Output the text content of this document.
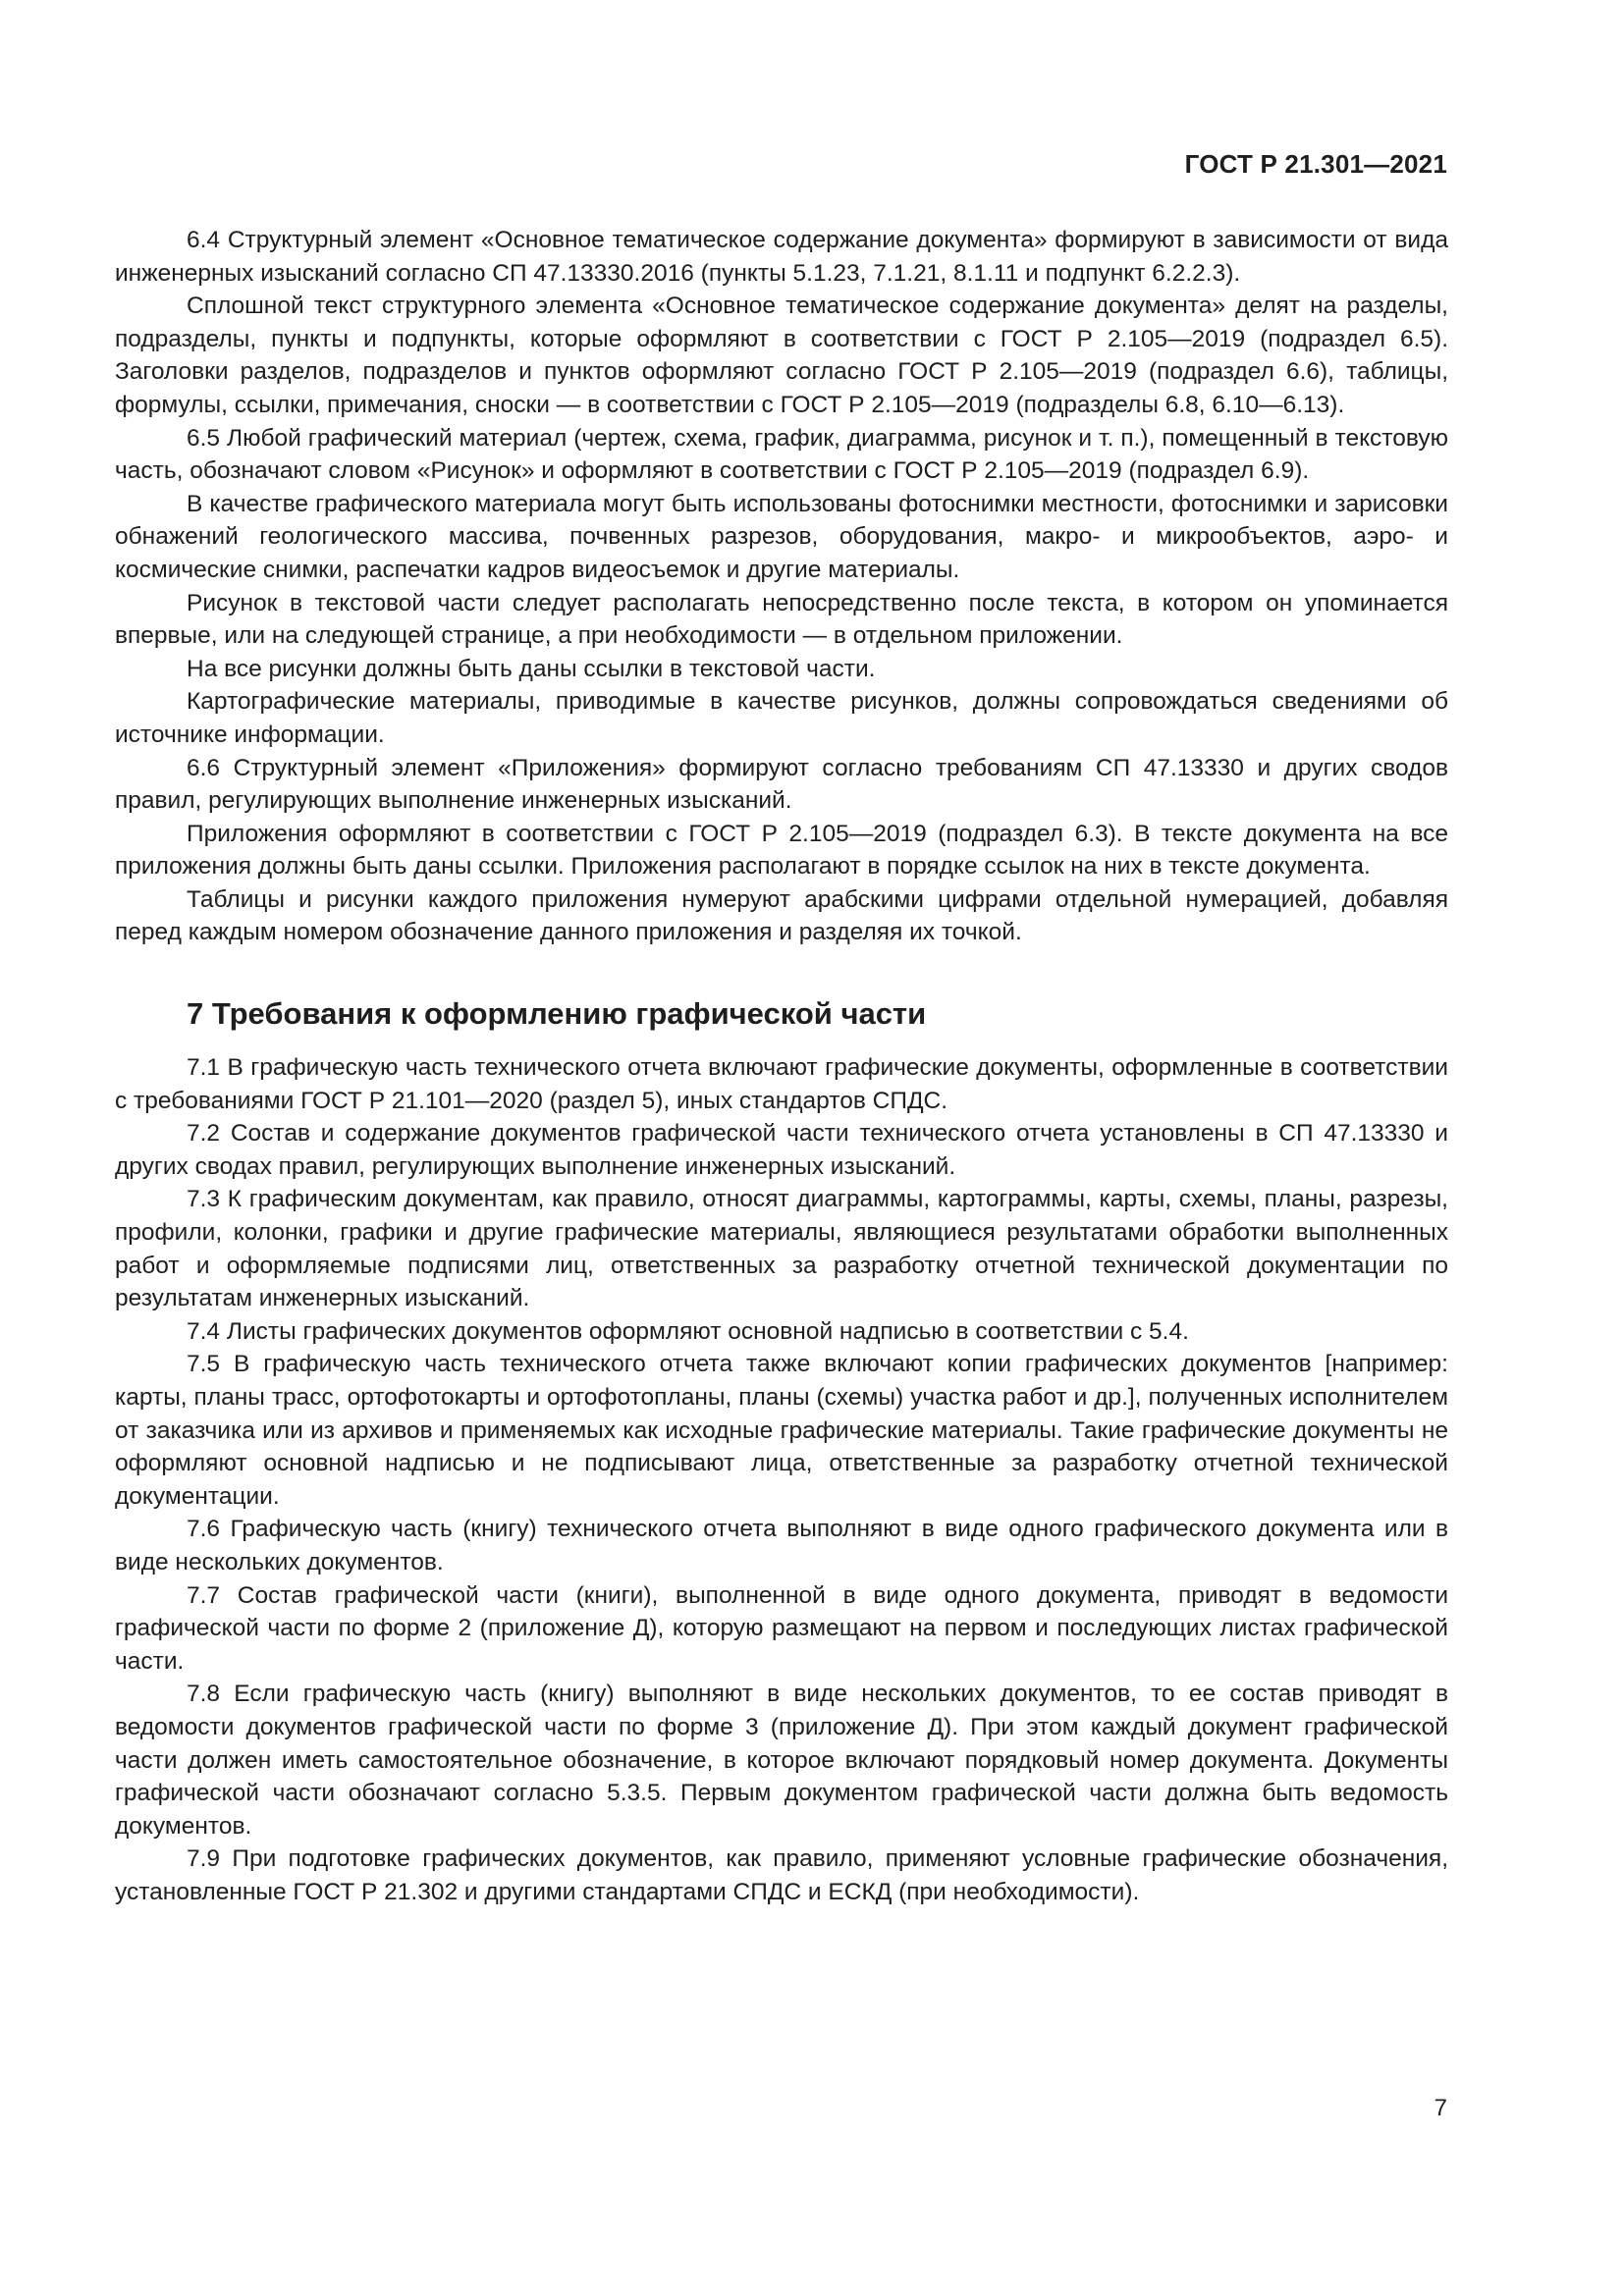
ГОСТ Р 21.301—2021

6.4 Структурный элемент «Основное тематическое содержание документа» формируют в зависимости от вида инженерных изысканий согласно СП 47.13330.2016 (пункты 5.1.23, 7.1.21, 8.1.11 и подпункт 6.2.2.3).

Сплошной текст структурного элемента «Основное тематическое содержание документа» делят на разделы, подразделы, пункты и подпункты, которые оформляют в соответствии с ГОСТ Р 2.105—2019 (подраздел 6.5). Заголовки разделов, подразделов и пунктов оформляют согласно ГОСТ Р 2.105—2019 (подраздел 6.6), таблицы, формулы, ссылки, примечания, сноски — в соответствии с ГОСТ Р 2.105—2019 (подразделы 6.8, 6.10—6.13).

6.5 Любой графический материал (чертеж, схема, график, диаграмма, рисунок и т. п.), помещенный в текстовую часть, обозначают словом «Рисунок» и оформляют в соответствии с ГОСТ Р 2.105—2019 (подраздел 6.9).

В качестве графического материала могут быть использованы фотоснимки местности, фотоснимки и зарисовки обнажений геологического массива, почвенных разрезов, оборудования, макро- и микрообъектов, аэро- и космические снимки, распечатки кадров видеосъемок и другие материалы.

Рисунок в текстовой части следует располагать непосредственно после текста, в котором он упоминается впервые, или на следующей странице, а при необходимости — в отдельном приложении.

На все рисунки должны быть даны ссылки в текстовой части.

Картографические материалы, приводимые в качестве рисунков, должны сопровождаться сведениями об источнике информации.

6.6 Структурный элемент «Приложения» формируют согласно требованиям СП 47.13330 и других сводов правил, регулирующих выполнение инженерных изысканий.

Приложения оформляют в соответствии с ГОСТ Р 2.105—2019 (подраздел 6.3). В тексте документа на все приложения должны быть даны ссылки. Приложения располагают в порядке ссылок на них в тексте документа.

Таблицы и рисунки каждого приложения нумеруют арабскими цифрами отдельной нумерацией, добавляя перед каждым номером обозначение данного приложения и разделяя их точкой.

7 Требования к оформлению графической части

7.1 В графическую часть технического отчета включают графические документы, оформленные в соответствии с требованиями ГОСТ Р 21.101—2020 (раздел 5), иных стандартов СПДС.

7.2 Состав и содержание документов графической части технического отчета установлены в СП 47.13330 и других сводах правил, регулирующих выполнение инженерных изысканий.

7.3 К графическим документам, как правило, относят диаграммы, картограммы, карты, схемы, планы, разрезы, профили, колонки, графики и другие графические материалы, являющиеся результатами обработки выполненных работ и оформляемые подписями лиц, ответственных за разработку отчетной технической документации по результатам инженерных изысканий.

7.4 Листы графических документов оформляют основной надписью в соответствии с 5.4.

7.5 В графическую часть технического отчета также включают копии графических документов [например: карты, планы трасс, ортофотокарты и ортофотопланы, планы (схемы) участка работ и др.], полученных исполнителем от заказчика или из архивов и применяемых как исходные графические материалы. Такие графические документы не оформляют основной надписью и не подписывают лица, ответственные за разработку отчетной технической документации.

7.6 Графическую часть (книгу) технического отчета выполняют в виде одного графического документа или в виде нескольких документов.

7.7 Состав графической части (книги), выполненной в виде одного документа, приводят в ведомости графической части по форме 2 (приложение Д), которую размещают на первом и последующих листах графической части.

7.8 Если графическую часть (книгу) выполняют в виде нескольких документов, то ее состав приводят в ведомости документов графической части по форме 3 (приложение Д). При этом каждый документ графической части должен иметь самостоятельное обозначение, в которое включают порядковый номер документа. Документы графической части обозначают согласно 5.3.5. Первым документом графической части должна быть ведомость документов.

7.9 При подготовке графических документов, как правило, применяют условные графические обозначения, установленные ГОСТ Р 21.302 и другими стандартами СПДС и ЕСКД (при необходимости).

7
